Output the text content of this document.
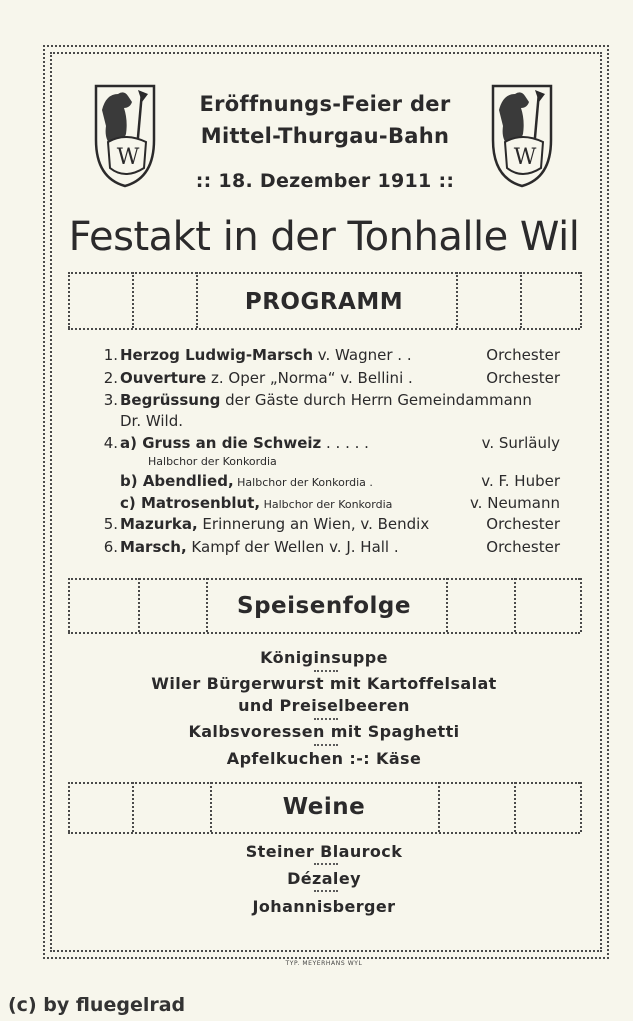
W	W
Eröffnungs-Feier der
Mittel-Thurgau-Bahn
:: 18. Dezember 1911 ::
Festakt in der Tonhalle Wil
PROGRAMM
1. Herzog Ludwig-Marsch v. Wagner . .	Orchester
2. Ouverture z. Oper „Norma“ v. Bellini .	Orchester
3. Begrüssung der Gäste durch Herrn Gemeindammann
Dr. Wild.
4. a) Gruss an die Schweiz . . . . .	v. Surläuly
Halbchor der Konkordia
b) Abendlied, Halbchor der Konkordia .	v. F. Huber
c) Matrosenblut, Halbchor der Konkordia	v. Neumann
5. Mazurka, Erinnerung an Wien, v. Bendix	Orchester
6. Marsch, Kampf der Wellen v. J. Hall .	Orchester
Speisenfolge
Königinsuppe
Wiler Bürgerwurst mit Kartoffelsalat
und Preiselbeeren
Kalbsvoressen mit Spaghetti
Apfelkuchen :-: Käse
Weine
Steiner Blaurock
Dézaley
Johannisberger
TYP. MEYERHANS WYL
(c) by fluegelrad
